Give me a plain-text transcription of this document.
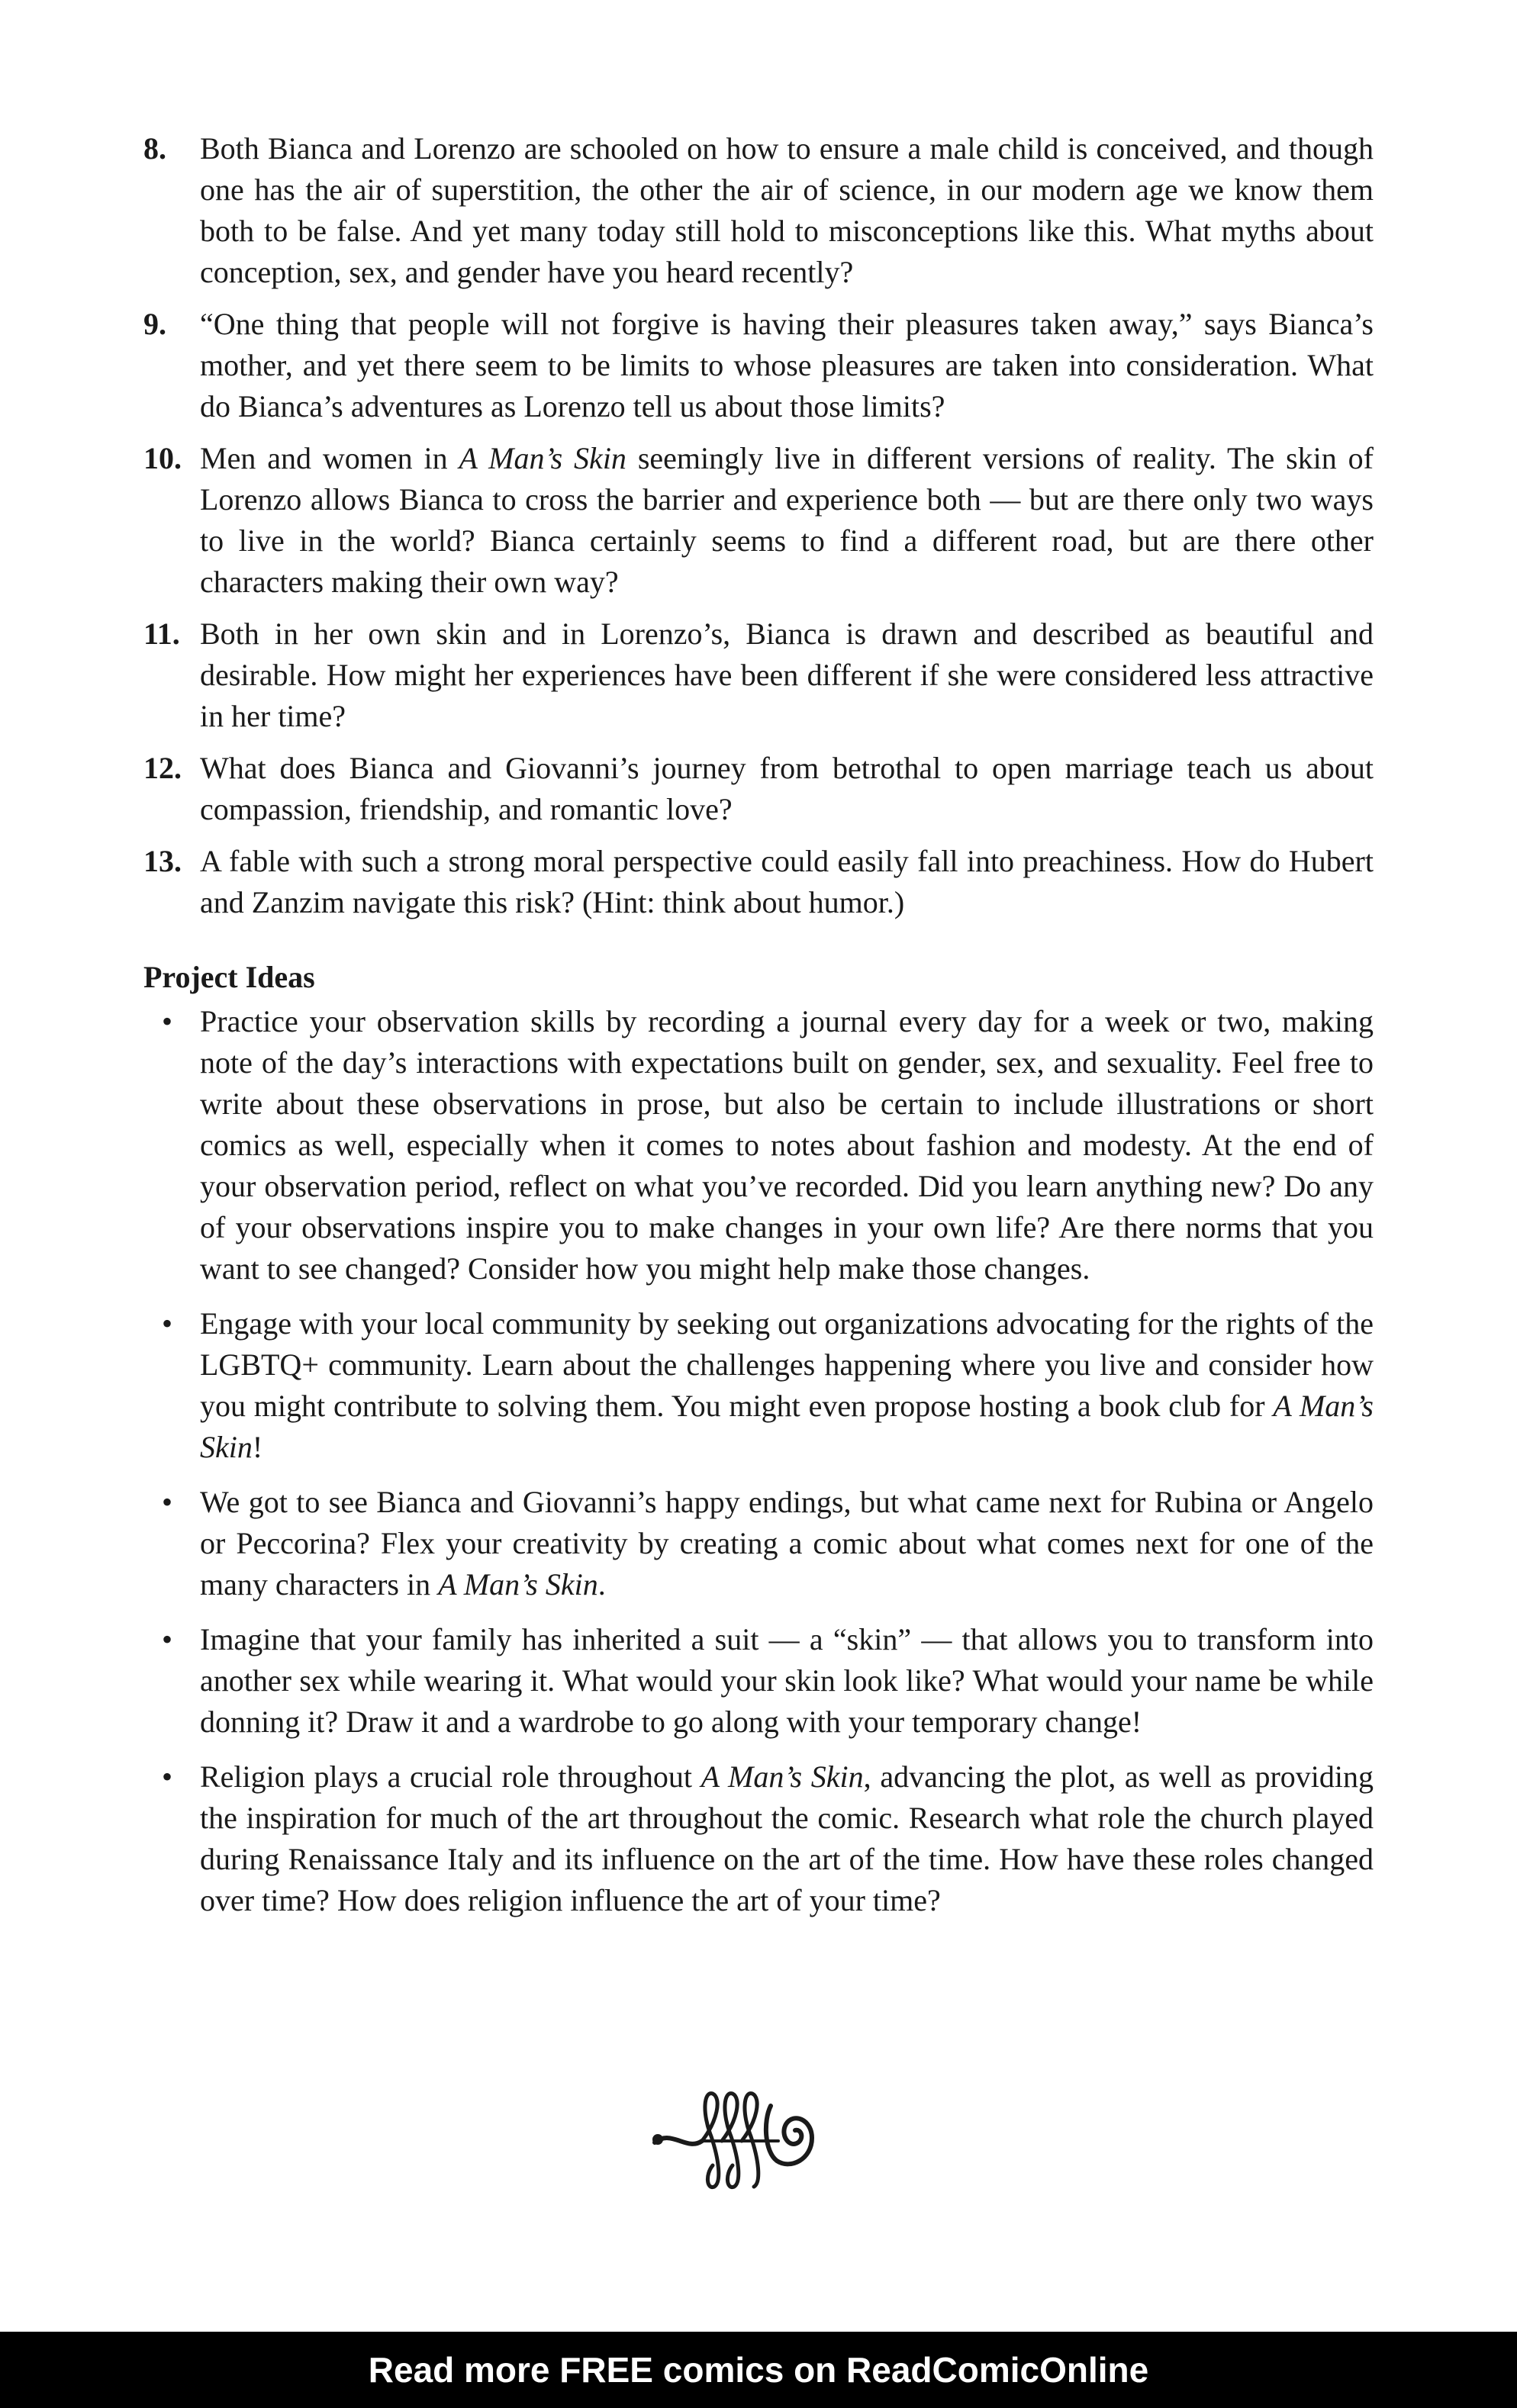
8. Both Bianca and Lorenzo are schooled on how to ensure a male child is conceived, and though one has the air of superstition, the other the air of science, in our modern age we know them both to be false. And yet many today still hold to misconceptions like this. What myths about conception, sex, and gender have you heard recently?
9. “One thing that people will not forgive is having their pleasures taken away,” says Bianca’s mother, and yet there seem to be limits to whose pleasures are taken into consideration. What do Bianca’s adventures as Lorenzo tell us about those limits?
10. Men and women in A Man’s Skin seemingly live in different versions of reality. The skin of Lorenzo allows Bianca to cross the barrier and experience both — but are there only two ways to live in the world? Bianca certainly seems to find a different road, but are there other characters making their own way?
11. Both in her own skin and in Lorenzo’s, Bianca is drawn and described as beautiful and desirable. How might her experiences have been different if she were considered less attractive in her time?
12. What does Bianca and Giovanni’s journey from betrothal to open marriage teach us about compassion, friendship, and romantic love?
13. A fable with such a strong moral perspective could easily fall into preachiness. How do Hubert and Zanzim navigate this risk? (Hint: think about humor.)
Project Ideas
• Practice your observation skills by recording a journal every day for a week or two, making note of the day’s interactions with expectations built on gender, sex, and sexuality. Feel free to write about these observations in prose, but also be certain to include illustrations or short comics as well, especially when it comes to notes about fashion and modesty. At the end of your observation period, reflect on what you’ve recorded. Did you learn anything new? Do any of your observations inspire you to make changes in your own life? Are there norms that you want to see changed? Consider how you might help make those changes.
• Engage with your local community by seeking out organizations advocating for the rights of the LGBTQ+ community. Learn about the challenges happening where you live and consider how you might contribute to solving them. You might even propose hosting a book club for A Man’s Skin!
• We got to see Bianca and Giovanni’s happy endings, but what came next for Rubina or Angelo or Peccorina? Flex your creativity by creating a comic about what comes next for one of the many characters in A Man’s Skin.
• Imagine that your family has inherited a suit — a “skin” — that allows you to transform into another sex while wearing it. What would your skin look like? What would your name be while donning it? Draw it and a wardrobe to go along with your temporary change!
• Religion plays a crucial role throughout A Man’s Skin, advancing the plot, as well as providing the inspiration for much of the art throughout the comic. Research what role the church played during Renaissance Italy and its influence on the art of the time. How have these roles changed over time? How does religion influence the art of your time?
Read more FREE comics on ReadComicOnline
